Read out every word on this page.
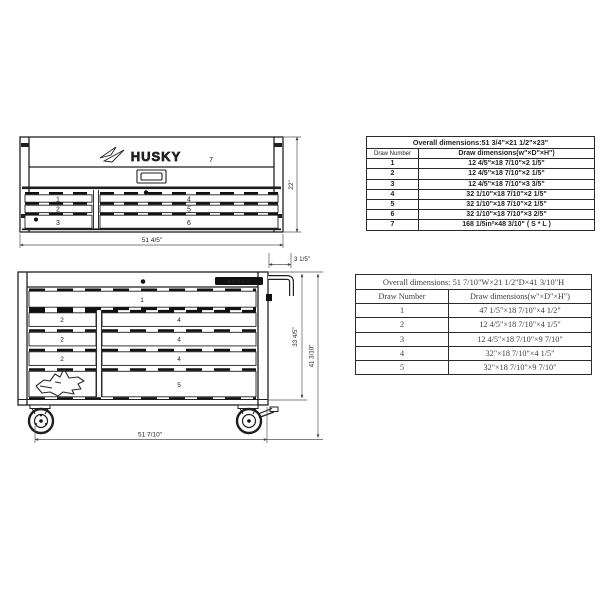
HUSKY	7
1
2
3
4
5
6
51 4/5"
22"
3 1/5"
HUSKY
1
2
2
2
4
4
4
5
51 7/10"
33 4/5"
41 3/10"
Overall dimensions:51 3/4"×21 1/2"×23"	
Draw Number	Draw dimensions(w"×D"×H")
1	12 4/5"×18 7/10"×2 1/5"
2	12 4/5"×18 7/10"×2 1/5"
3	12 4/5"×18 7/10"×3 3/5"
4	32 1/10"×18 7/10"×2 1/5"
5	32 1/10"×18 7/10"×2 1/5"
6	32 1/10"×18 7/10"×3 2/5"
7	168 1/5in²×48 3/10" ( S * L )
Overall dimensions: 51 7/10"W×21 1/2"D×41 3/10"H	
Draw Number	Draw dimensions(w"×D"×H")
1	47 1/5"×18 7/10"×4 1/2"
2	12 4/5"×18 7/10"×4 1/5"
3	12 4/5"×18 7/10"×9 7/10"
4	32"×18 7/10"×4 1/5"
5	32"×18 7/10"×9 7/10"
